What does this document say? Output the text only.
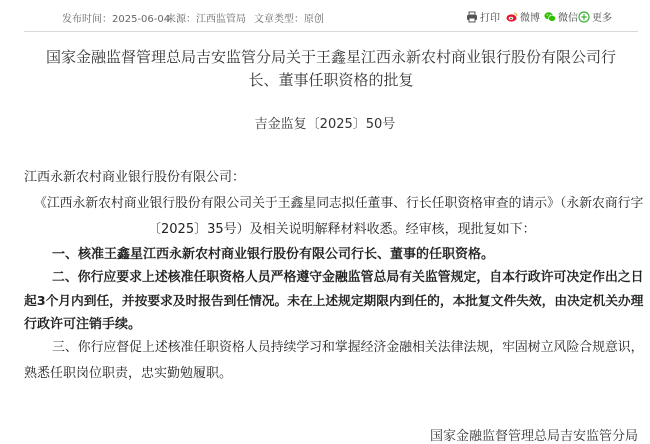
发布时间：2025-06-04
来源：江西监管局 文章类型：原创	打印 微博 微信 更多
国家金融监督管理总局吉安监管分局关于王鑫星江西永新农村商业银行股份有限公司行
长、董事任职资格的批复
吉金监复〔2025〕50号
江西永新农村商业银行股份有限公司：
《江西永新农村商业银行股份有限公司关于王鑫星同志拟任董事、行长任职资格审查的请示》（永新农商行字
〔2025〕35号）及相关说明解释材料收悉。经审核，现批复如下：
一、核准王鑫星江西永新农村商业银行股份有限公司行长、董事的任职资格。
二、你行应要求上述核准任职资格人员严格遵守金融监管总局有关监管规定，自本行政许可决定作出之日
起3个月内到任，并按要求及时报告到任情况。未在上述规定期限内到任的，本批复文件失效，由决定机关办理
行政许可注销手续。
三、你行应督促上述核准任职资格人员持续学习和掌握经济金融相关法律法规，牢固树立风险合规意识，
熟悉任职岗位职责，忠实勤勉履职。
国家金融监督管理总局吉安监管分局
